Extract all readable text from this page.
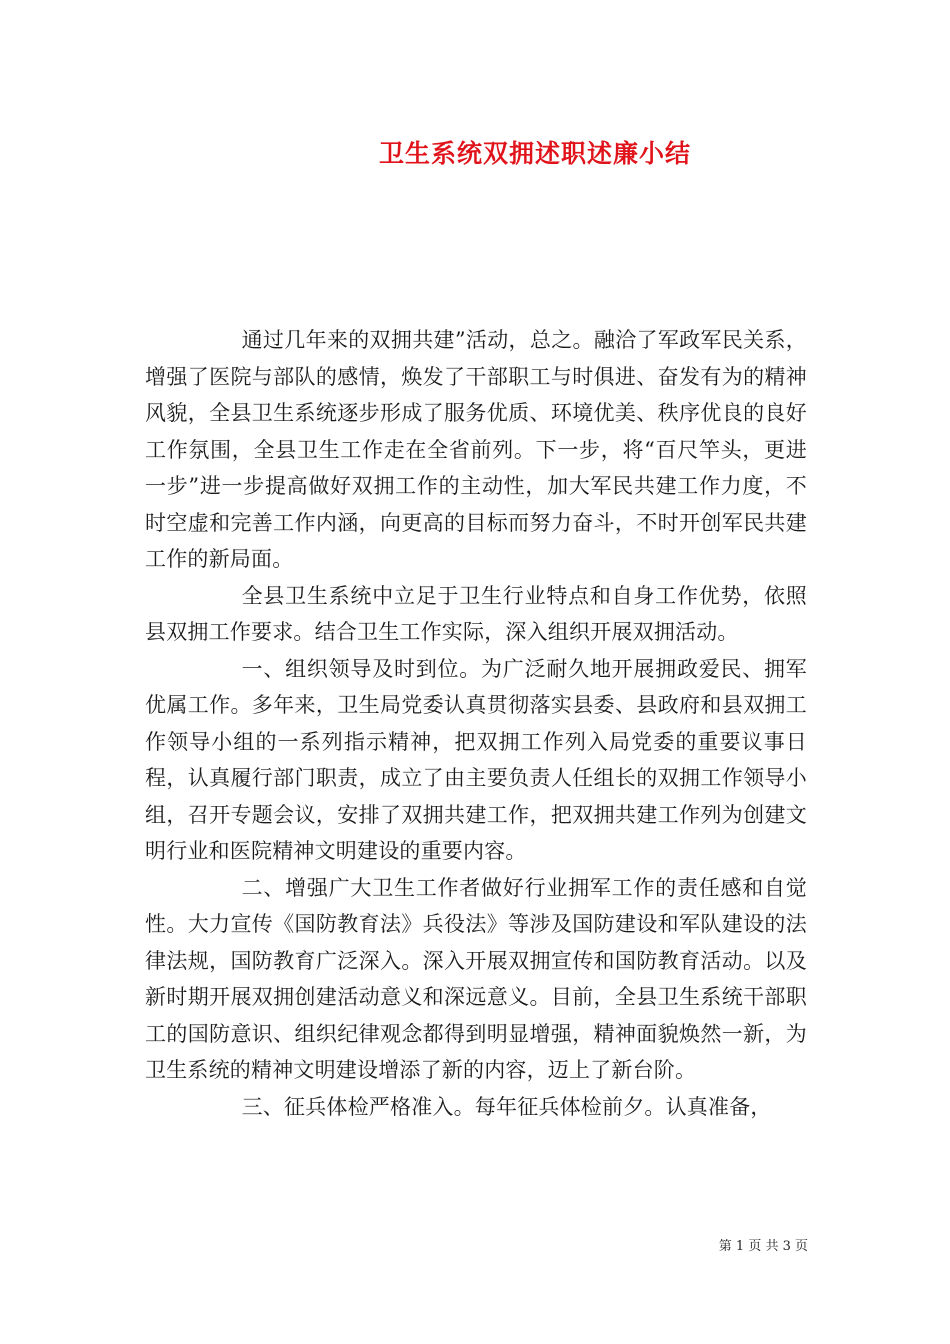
卫生系统双拥述职述廉小结

通过几年来的双拥共建”活动，总之。融洽了军政军民关系，增强了医院与部队的感情，焕发了干部职工与时俱进、奋发有为的精神风貌，全县卫生系统逐步形成了服务优质、环境优美、秩序优良的良好工作氛围，全县卫生工作走在全省前列。下一步，将“百尺竿头，更进一步”进一步提高做好双拥工作的主动性，加大军民共建工作力度，不时空虚和完善工作内涵，向更高的目标而努力奋斗，不时开创军民共建工作的新局面。

全县卫生系统中立足于卫生行业特点和自身工作优势，依照县双拥工作要求。结合卫生工作实际，深入组织开展双拥活动。

一、组织领导及时到位。为广泛耐久地开展拥政爱民、拥军优属工作。多年来，卫生局党委认真贯彻落实县委、县政府和县双拥工作领导小组的一系列指示精神，把双拥工作列入局党委的重要议事日程，认真履行部门职责，成立了由主要负责人任组长的双拥工作领导小组，召开专题会议，安排了双拥共建工作，把双拥共建工作列为创建文明行业和医院精神文明建设的重要内容。

二、增强广大卫生工作者做好行业拥军工作的责任感和自觉性。大力宣传《国防教育法》兵役法》等涉及国防建设和军队建设的法律法规，国防教育广泛深入。深入开展双拥宣传和国防教育活动。以及新时期开展双拥创建活动意义和深远意义。目前，全县卫生系统干部职工的国防意识、组织纪律观念都得到明显增强，精神面貌焕然一新，为卫生系统的精神文明建设增添了新的内容，迈上了新台阶。

三、征兵体检严格准入。每年征兵体检前夕。认真准备，

第 1 页 共 3 页
